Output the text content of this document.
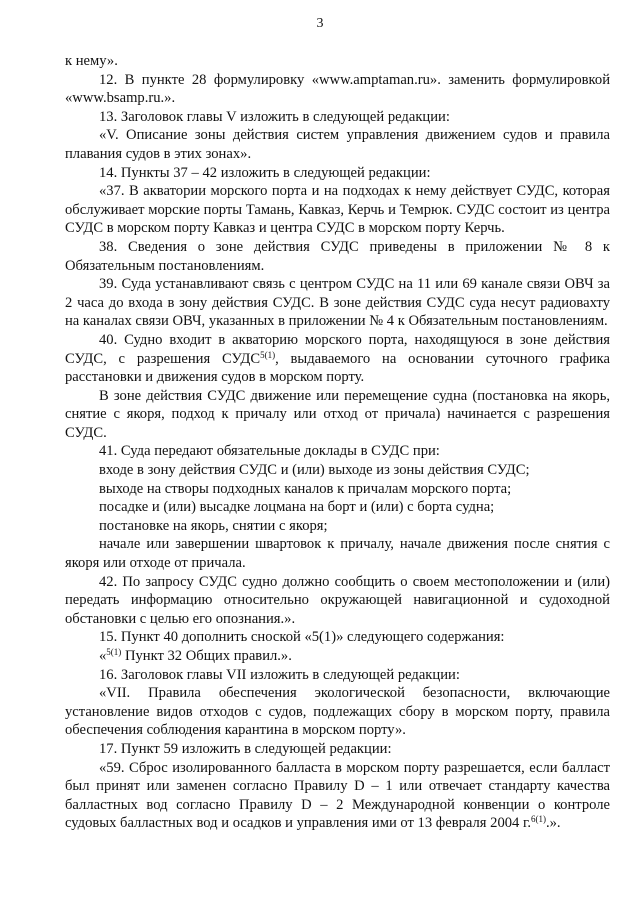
3

к нему».

12. В пункте 28 формулировку «www.amptaman.ru». заменить формулировкой «www.bsamp.ru.».

13. Заголовок главы V изложить в следующей редакции:

«V. Описание зоны действия систем управления движением судов и правила плавания судов в этих зонах».

14. Пункты 37 – 42 изложить в следующей редакции:

«37. В акватории морского порта и на подходах к нему действует СУДС, которая обслуживает морские порты Тамань, Кавказ, Керчь и Темрюк. СУДС состоит из центра СУДС в морском порту Кавказ и центра СУДС в морском порту Керчь.

38. Сведения о зоне действия СУДС приведены в приложении № 8 к Обязательным постановлениям.

39. Суда устанавливают связь с центром СУДС на 11 или 69 канале связи ОВЧ за 2 часа до входа в зону действия СУДС. В зоне действия СУДС суда несут радиовахту на каналах связи ОВЧ, указанных в приложении № 4 к Обязательным постановлениям.

40. Судно входит в акваторию морского порта, находящуюся в зоне действия СУДС, с разрешения $СУДС^{5(1)}$, выдаваемого на основании суточного графика расстановки и движения судов в морском порту.

В зоне действия СУДС движение или перемещение судна (постановка на якорь, снятие с якоря, подход к причалу или отход от причала) начинается с разрешения СУДС.

41. Суда передают обязательные доклады в СУДС при:

входе в зону действия СУДС и (или) выходе из зоны действия СУДС;

выходе на створы подходных каналов к причалам морского порта;

посадке и (или) высадке лоцмана на борт и (или) с борта судна;

постановке на якорь, снятии с якоря;

начале или завершении швартовок к причалу, начале движения после снятия с якоря или отходе от причала.

42. По запросу СУДС судно должно сообщить о своем местоположении и (или) передать информацию относительно окружающей навигационной и судоходной обстановки с целью его опознания.».

15. Пункт 40 дополнить сноской «5(1)» следующего содержания:

«$^{5(1)}$ Пункт 32 Общих правил.».

16. Заголовок главы VII изложить в следующей редакции:

«VII. Правила обеспечения экологической безопасности, включающие установление видов отходов с судов, подлежащих сбору в морском порту, правила обеспечения соблюдения карантина в морском порту».

17. Пункт 59 изложить в следующей редакции:

«59. Сброс изолированного балласта в морском порту разрешается, если балласт был принят или заменен согласно Правилу D – 1 или отвечает стандарту качества балластных вод согласно Правилу D – 2 Международной конвенции о контроле судовых балластных вод и осадков и управления ими от 13 февраля 2004 г.$^{6(1)}$.».
